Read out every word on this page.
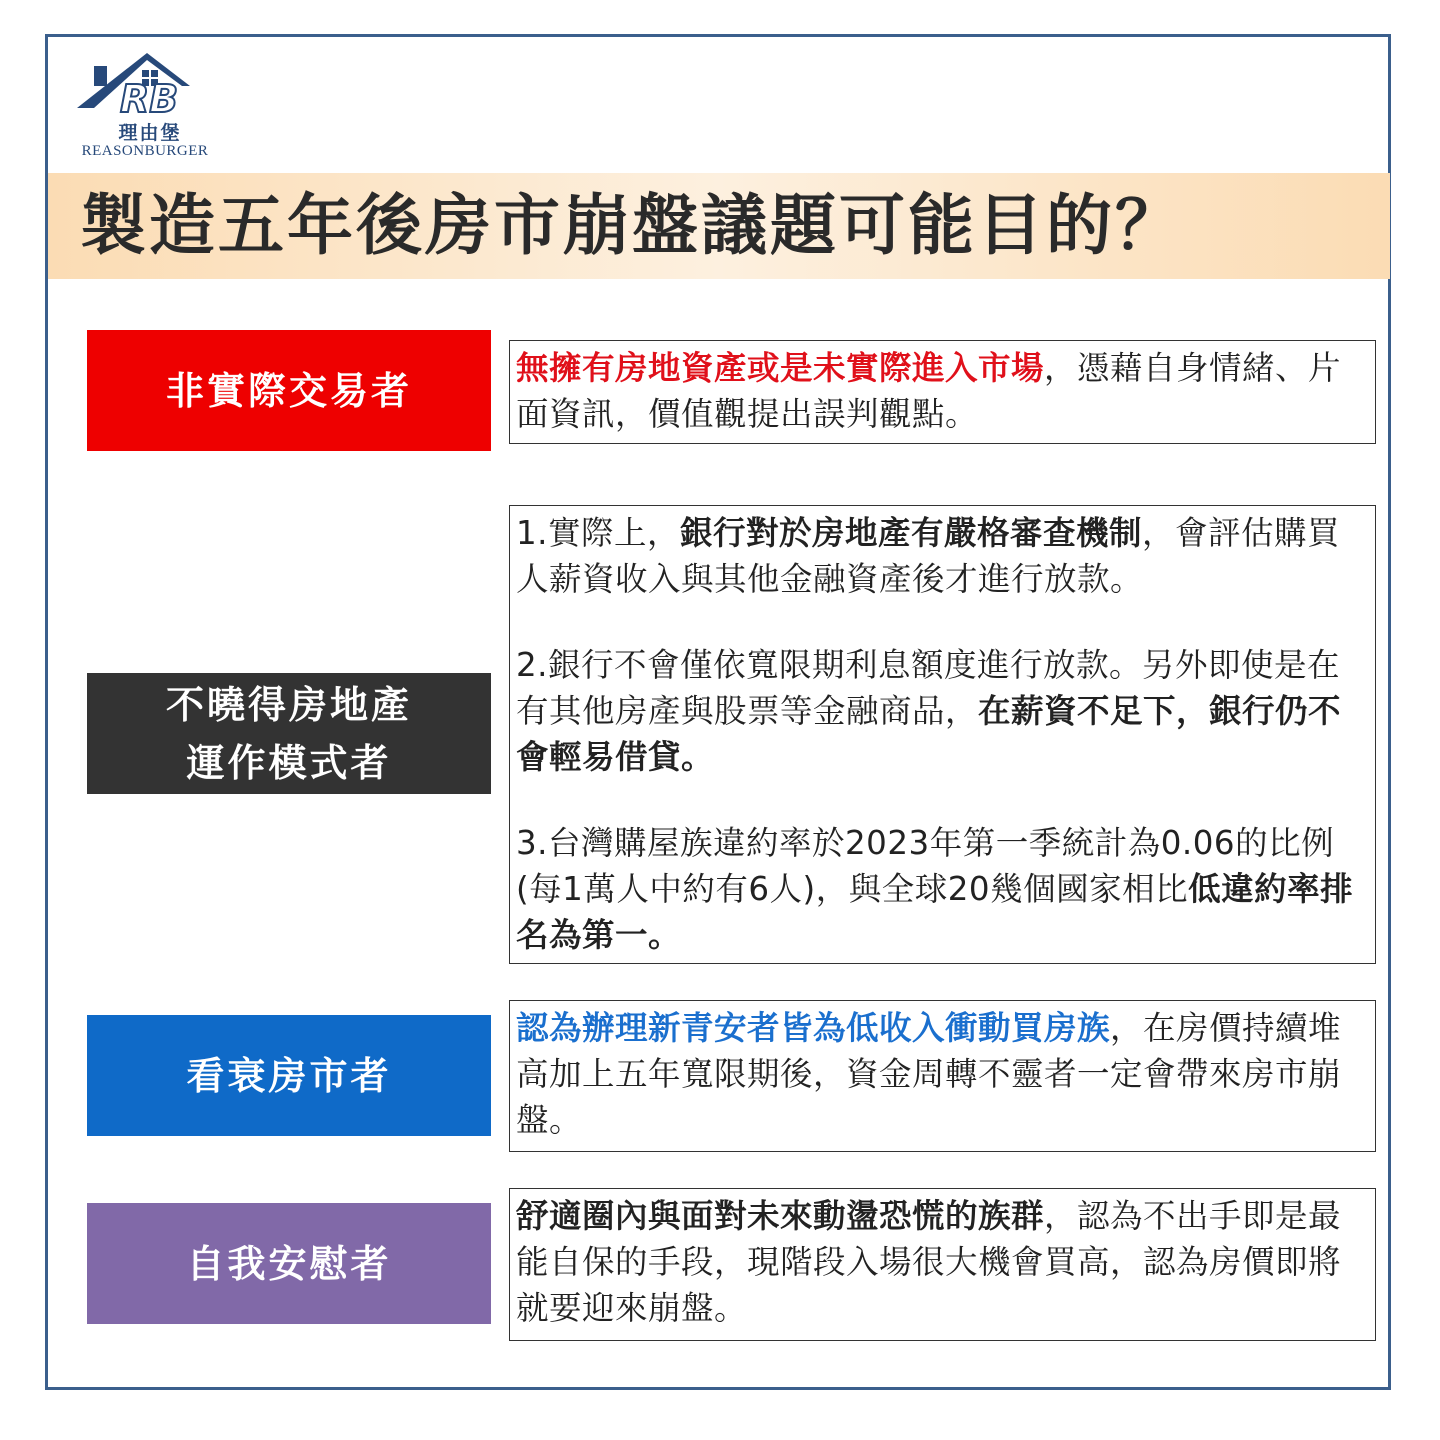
RB
理由堡
REASONBURGER
製造五年後房市崩盤議題可能目的？
非實際交易者

無擁有房地資產或是未實際進入市場，憑藉自身情緒、片面資訊，價值觀提出誤判觀點。

不曉得房地產
運作模式者

1.實際上，銀行對於房地產有嚴格審查機制，會評估購買人薪資收入與其他金融資產後才進行放款。

2.銀行不會僅依寬限期利息額度進行放款。另外即使是在有其他房產與股票等金融商品，在薪資不足下，銀行仍不會輕易借貸。

3.台灣購屋族違約率於2023年第一季統計為0.06的比例(每1萬人中約有6人)，與全球20幾個國家相比低違約率排名為第一。

看衰房市者

認為辦理新青安者皆為低收入衝動買房族，在房價持續堆高加上五年寬限期後，資金周轉不靈者一定會帶來房市崩盤。

自我安慰者

舒適圈內與面對未來動盪恐慌的族群，認為不出手即是最能自保的手段，現階段入場很大機會買高，認為房價即將就要迎來崩盤。
